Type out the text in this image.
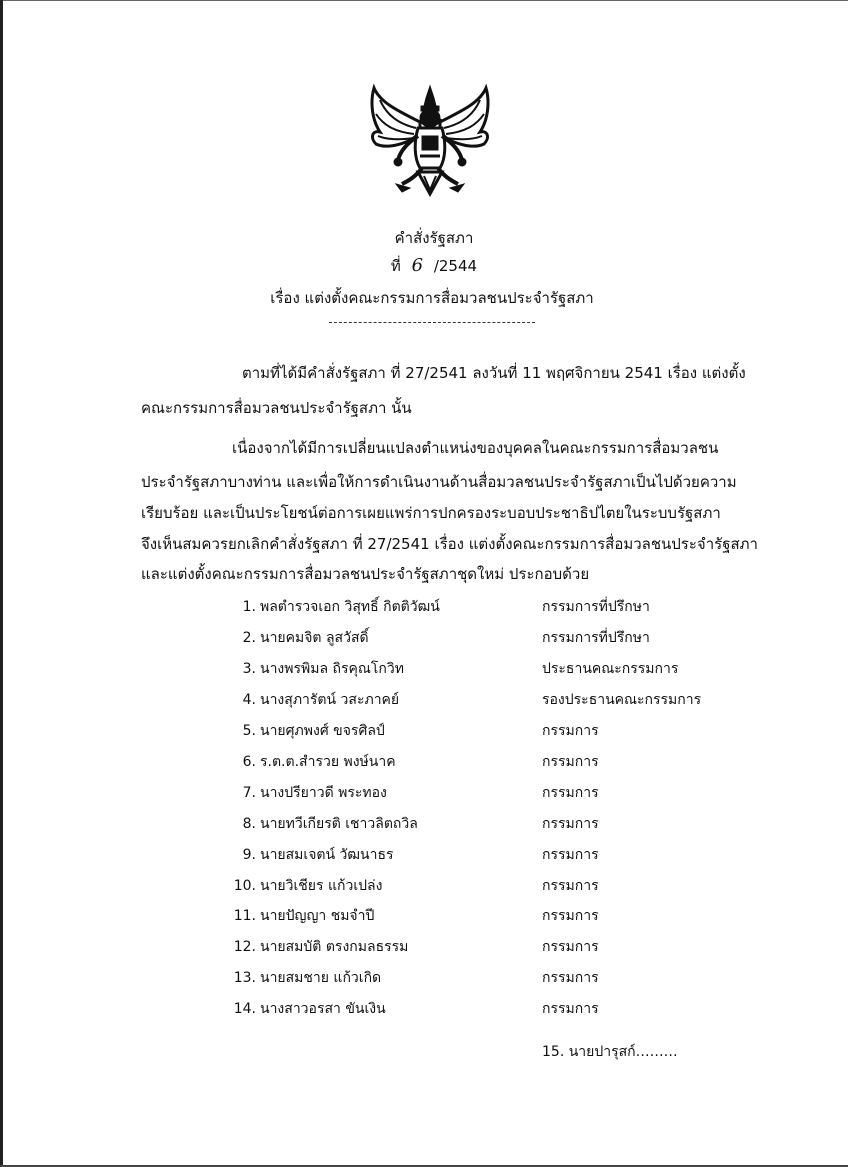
คำสั่งรัฐสภา
ที่ 6 /2544
เรื่อง แต่งตั้งคณะกรรมการสื่อมวลชนประจำรัฐสภา
ตามที่ได้มีคำสั่งรัฐสภา ที่ 27/2541 ลงวันที่ 11 พฤศจิกายน 2541 เรื่อง แต่งตั้ง
คณะกรรมการสื่อมวลชนประจำรัฐสภา นั้น
เนื่องจากได้มีการเปลี่ยนแปลงตำแหน่งของบุคคลในคณะกรรมการสื่อมวลชน
ประจำรัฐสภาบางท่าน และเพื่อให้การดำเนินงานด้านสื่อมวลชนประจำรัฐสภาเป็นไปด้วยความ
เรียบร้อย และเป็นประโยชน์ต่อการเผยแพร่การปกครองระบอบประชาธิปไตยในระบบรัฐสภา
จึงเห็นสมควรยกเลิกคำสั่งรัฐสภา ที่ 27/2541 เรื่อง แต่งตั้งคณะกรรมการสื่อมวลชนประจำรัฐสภา
และแต่งตั้งคณะกรรมการสื่อมวลชนประจำรัฐสภาชุดใหม่ ประกอบด้วย
1. พลตำรวจเอก วิสุทธิ์ กิตติวัฒน์	กรรมการที่ปรึกษา
2. นายคมจิต ลูสวัสดิ์	กรรมการที่ปรึกษา
3. นางพรพิมล ถิรคุณโกวิท	ประธานคณะกรรมการ
4. นางสุภารัตน์ วสะภาคย์	รองประธานคณะกรรมการ
5. นายศุภพงศ์ ขจรศิลป์	กรรมการ
6. ร.ต.ต.สำรวย พงษ์นาค	กรรมการ
7. นางปรียาวดี พระทอง	กรรมการ
8. นายทวีเกียรติ เชาวลิตถวิล	กรรมการ
9. นายสมเจตน์ วัฒนาธร	กรรมการ
10. นายวิเชียร แก้วเปล่ง	กรรมการ
11. นายปัญญา ชมจำปี	กรรมการ
12. นายสมบัติ ตรงกมลธรรม	กรรมการ
13. นายสมชาย แก้วเกิด	กรรมการ
14. นางสาวอรสา ขันเงิน	กรรมการ
15. นายปารุสก์………
